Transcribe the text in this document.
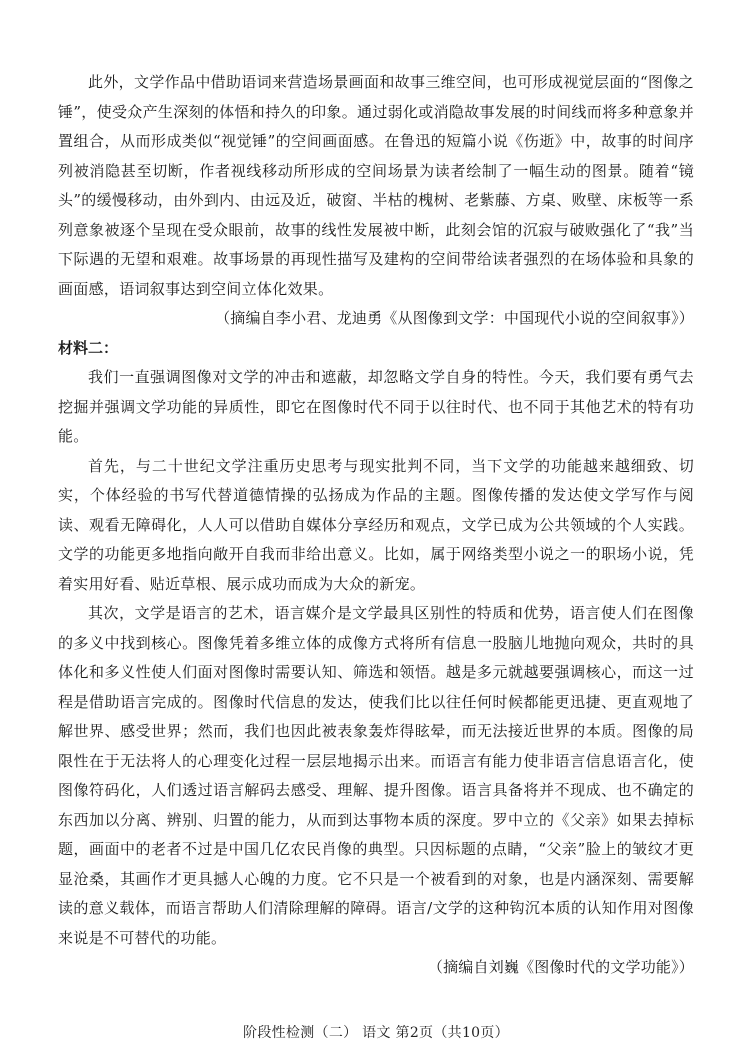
此外，文学作品中借助语词来营造场景画面和故事三维空间，也可形成视觉层面的“图像之锤”，使受众产生深刻的体悟和持久的印象。通过弱化或消隐故事发展的时间线而将多种意象并置组合，从而形成类似“视觉锤”的空间画面感。在鲁迅的短篇小说《伤逝》中，故事的时间序列被消隐甚至切断，作者视线移动所形成的空间场景为读者绘制了一幅生动的图景。随着“镜头”的缓慢移动，由外到内、由远及近，破窗、半枯的槐树、老紫藤、方桌、败壁、床板等一系列意象被逐个呈现在受众眼前，故事的线性发展被中断，此刻会馆的沉寂与破败强化了“我”当下际遇的无望和艰难。故事场景的再现性描写及建构的空间带给读者强烈的在场体验和具象的画面感，语词叙事达到空间立体化效果。

（摘编自李小君、龙迪勇《从图像到文学：中国现代小说的空间叙事》）

材料二：

我们一直强调图像对文学的冲击和遮蔽，却忽略文学自身的特性。今天，我们要有勇气去挖掘并强调文学功能的异质性，即它在图像时代不同于以往时代、也不同于其他艺术的特有功能。

首先，与二十世纪文学注重历史思考与现实批判不同，当下文学的功能越来越细致、切实，个体经验的书写代替道德情操的弘扬成为作品的主题。图像传播的发达使文学写作与阅读、观看无障碍化，人人可以借助自媒体分享经历和观点，文学已成为公共领域的个人实践。文学的功能更多地指向敞开自我而非给出意义。比如，属于网络类型小说之一的职场小说，凭着实用好看、贴近草根、展示成功而成为大众的新宠。

其次，文学是语言的艺术，语言媒介是文学最具区别性的特质和优势，语言使人们在图像的多义中找到核心。图像凭着多维立体的成像方式将所有信息一股脑儿地抛向观众，共时的具体化和多义性使人们面对图像时需要认知、筛选和领悟。越是多元就越要强调核心，而这一过程是借助语言完成的。图像时代信息的发达，使我们比以往任何时候都能更迅捷、更直观地了解世界、感受世界；然而，我们也因此被表象轰炸得眩晕，而无法接近世界的本质。图像的局限性在于无法将人的心理变化过程一层层地揭示出来。而语言有能力使非语言信息语言化，使图像符码化，人们透过语言解码去感受、理解、提升图像。语言具备将并不现成、也不确定的东西加以分离、辨别、归置的能力，从而到达事物本质的深度。罗中立的《父亲》如果去掉标题，画面中的老者不过是中国几亿农民肖像的典型。只因标题的点睛，“父亲”脸上的皱纹才更显沧桑，其画作才更具撼人心魄的力度。它不只是一个被看到的对象，也是内涵深刻、需要解读的意义载体，而语言帮助人们清除理解的障碍。语言/文学的这种钩沉本质的认知作用对图像来说是不可替代的功能。

（摘编自刘巍《图像时代的文学功能》）

阶段性检测（二） 语文 第2页（共10页）
